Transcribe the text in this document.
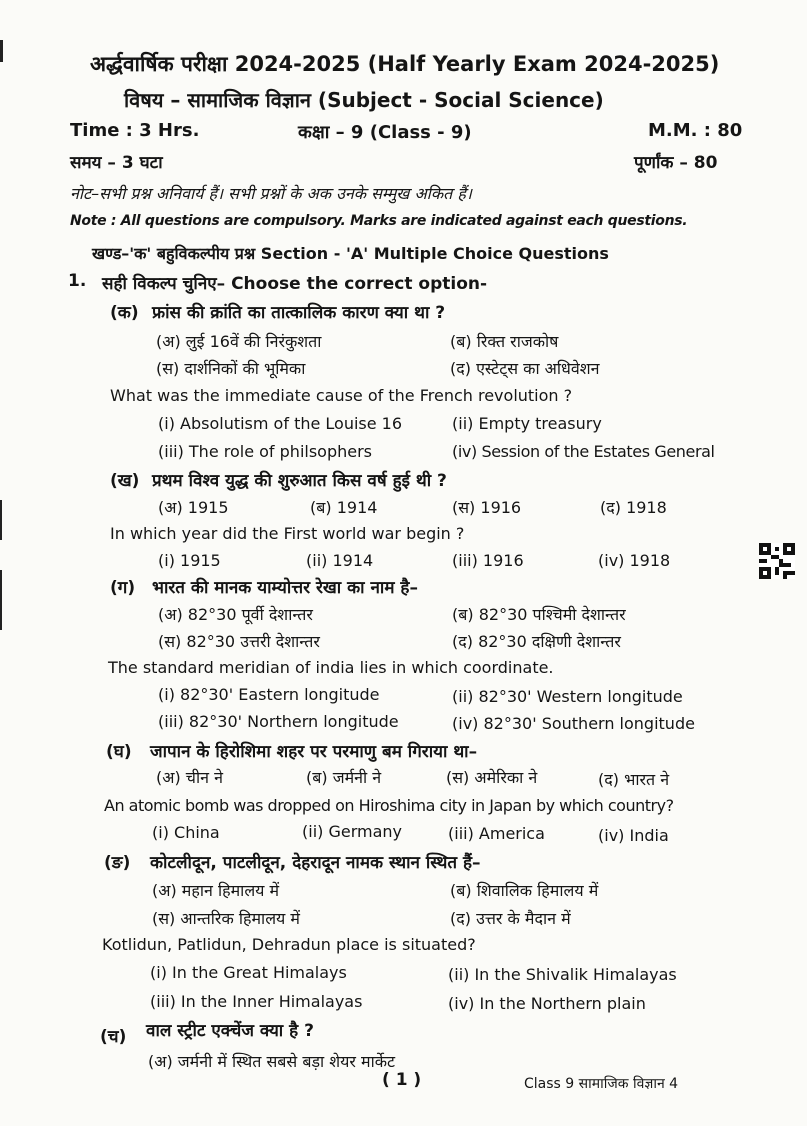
अर्द्धवार्षिक परीक्षा 2024-2025 (Half Yearly Exam 2024-2025)
विषय – सामाजिक विज्ञान (Subject - Social Science)
Time : 3 Hrs.	कक्षा – 9 (Class - 9)	M.M. : 80
समय – 3 घटा	पूर्णांक – 80
नोट–सभी प्रश्न अनिवार्य हैं। सभी प्रश्नों के अक उनके सम्मुख अकित हैं।
Note : All questions are compulsory. Marks are indicated against each questions.
खण्ड–'क' बहुविकल्पीय प्रश्न Section - 'A' Multiple Choice Questions
1. सही विकल्प चुनिए– Choose the correct option-
(क) फ्रांस की क्रांति का तात्कालिक कारण क्या था ?
(अ) लुई 16वें की निरंकुशता	(ब) रिक्त राजकोष
(स) दार्शनिकों की भूमिका	(द) एस्टेट्स का अधिवेशन
What was the immediate cause of the French revolution ?
(i) Absolutism of the Louise 16	(ii) Empty treasury
(iii) The role of philsophers	(iv) Session of the Estates General
(ख) प्रथम विश्व युद्ध की शुरुआत किस वर्ष हुई थी ?
(अ) 1915	(ब) 1914	(स) 1916	(द) 1918
In which year did the First world war begin ?
(i) 1915	(ii) 1914	(iii) 1916	(iv) 1918
(ग) भारत की मानक याम्योत्तर रेखा का नाम है–
(अ) 82°30 पूर्वी देशान्तर	(ब) 82°30 पश्चिमी देशान्तर
(स) 82°30 उत्तरी देशान्तर	(द) 82°30 दक्षिणी देशान्तर
The standard meridian of india lies in which coordinate.
(i) 82°30' Eastern longitude	(ii) 82°30' Western longitude
(iii) 82°30' Northern longitude	(iv) 82°30' Southern longitude
(घ) जापान के हिरोशिमा शहर पर परमाणु बम गिराया था–
(अ) चीन ने	(ब) जर्मनी ने	(स) अमेरिका ने	(द) भारत ने
An atomic bomb was dropped on Hiroshima city in Japan by which country?
(i) China	(ii) Germany	(iii) America	(iv) India
(ङ) कोटलीदून, पाटलीदून, देहरादून नामक स्थान स्थित हैं–
(अ) महान हिमालय में	(ब) शिवालिक हिमालय में
(स) आन्तरिक हिमालय में	(द) उत्तर के मैदान में
Kotlidun, Patlidun, Dehradun place is situated?
(i) In the Great Himalays	(ii) In the Shivalik Himalayas
(iii) In the Inner Himalayas	(iv) In the Northern plain
(च) वाल स्ट्रीट एक्चेंज क्या है ?
(अ) जर्मनी में स्थित सबसे बड़ा शेयर मार्केट
( 1 )	Class 9 सामाजिक विज्ञान 4
